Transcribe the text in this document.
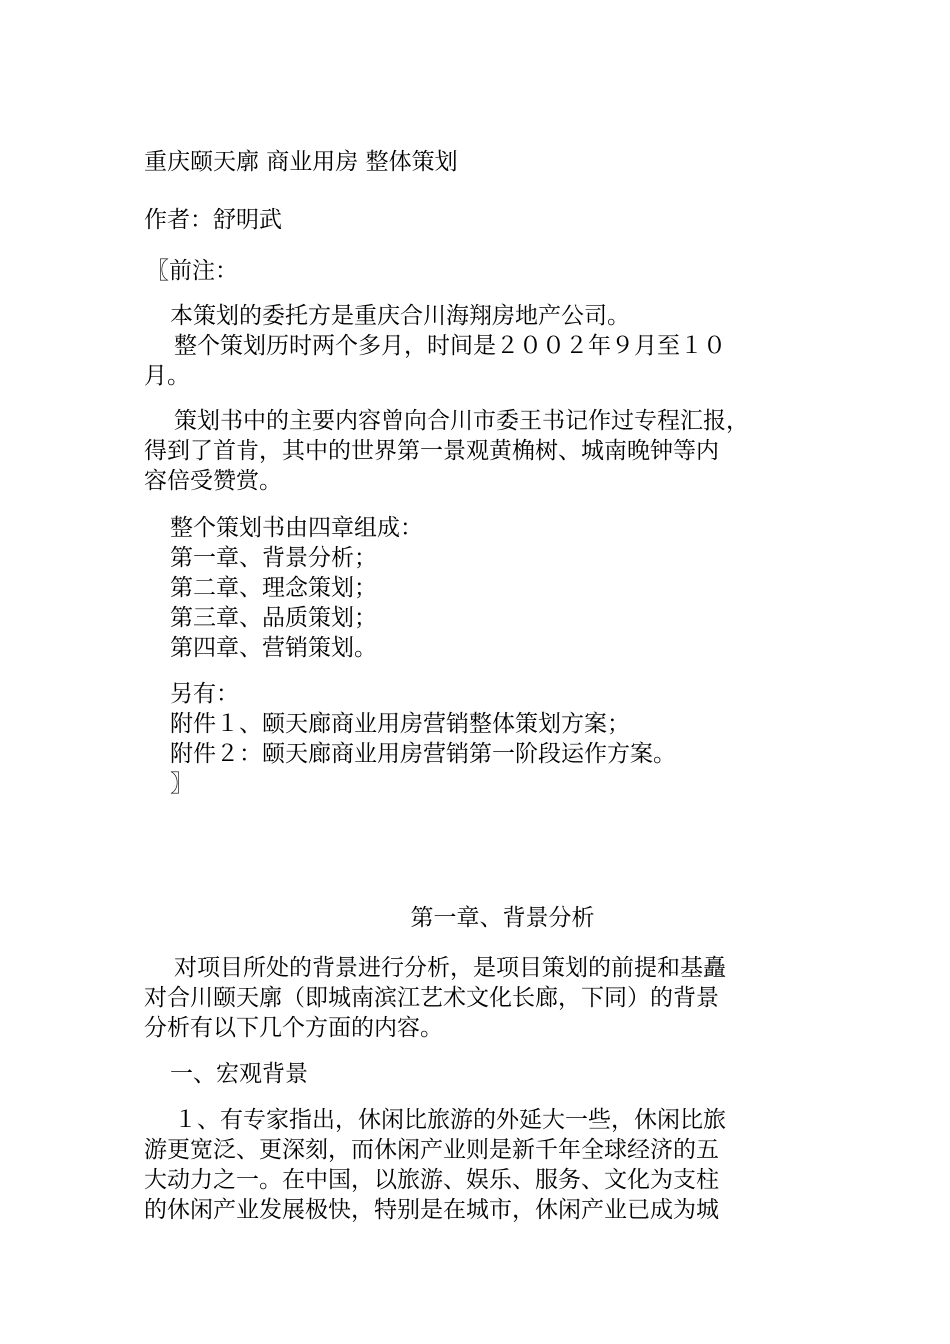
重庆颐天廓 商业用房 整体策划
作者：舒明武
〖前注：
本策划的委托方是重庆合川海翔房地产公司。
整个策划历时两个多月，时间是２００２年９月至１０
月。
策划书中的主要内容曾向合川市委王书记作过专程汇报，
得到了首肯，其中的世界第一景观黄桷树、城南晚钟等内
容倍受赞赏。
整个策划书由四章组成：
第一章、背景分析；
第二章、理念策划；
第三章、品质策划；
第四章、营销策划。
另有：
附件１、颐天廊商业用房营销整体策划方案；
附件２：颐天廊商业用房营销第一阶段运作方案。
〗
第一章、背景分析
对项目所处的背景进行分析，是项目策划的前提和基矗
对合川颐天廓（即城南滨江艺术文化长廊，下同）的背景
分析有以下几个方面的内容。
一、宏观背景
１、有专家指出，休闲比旅游的外延大一些，休闲比旅
游更宽泛、更深刻，而休闲产业则是新千年全球经济的五
大动力之一。在中国，以旅游、娱乐、服务、文化为支柱
的休闲产业发展极快，特别是在城市，休闲产业已成为城
